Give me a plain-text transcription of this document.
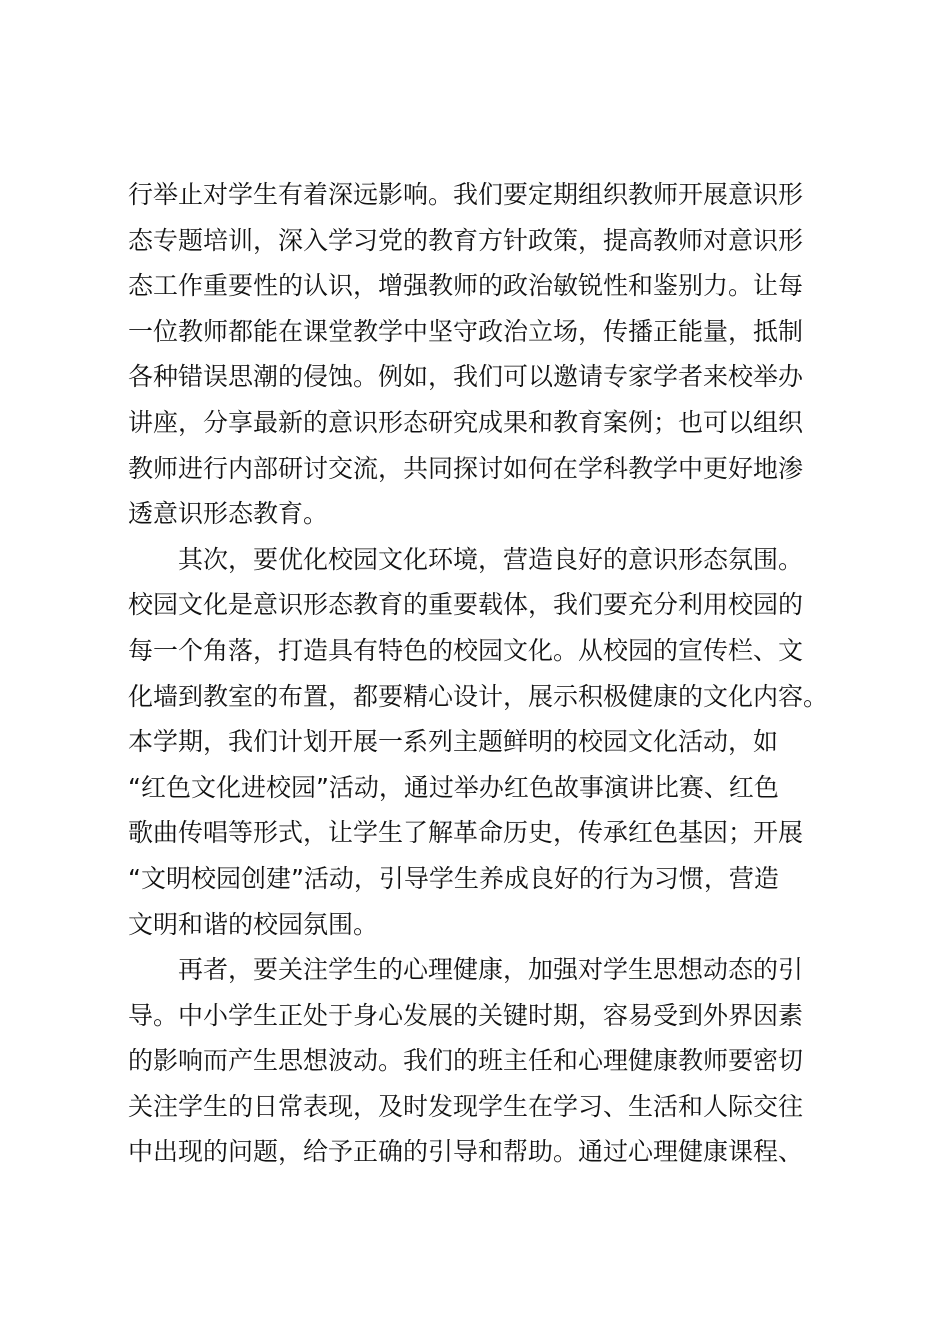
行举止对学生有着深远影响。我们要定期组织教师开展意识形
态专题培训，深入学习党的教育方针政策，提高教师对意识形
态工作重要性的认识，增强教师的政治敏锐性和鉴别力。让每
一位教师都能在课堂教学中坚守政治立场，传播正能量，抵制
各种错误思潮的侵蚀。例如，我们可以邀请专家学者来校举办
讲座，分享最新的意识形态研究成果和教育案例；也可以组织
教师进行内部研讨交流，共同探讨如何在学科教学中更好地渗
透意识形态教育。
其次，要优化校园文化环境，营造良好的意识形态氛围。
校园文化是意识形态教育的重要载体，我们要充分利用校园的
每一个角落，打造具有特色的校园文化。从校园的宣传栏、文
化墙到教室的布置，都要精心设计，展示积极健康的文化内容。
本学期，我们计划开展一系列主题鲜明的校园文化活动，如
“红色文化进校园”活动，通过举办红色故事演讲比赛、红色
歌曲传唱等形式，让学生了解革命历史，传承红色基因；开展
“文明校园创建”活动，引导学生养成良好的行为习惯，营造
文明和谐的校园氛围。
再者，要关注学生的心理健康，加强对学生思想动态的引
导。中小学生正处于身心发展的关键时期，容易受到外界因素
的影响而产生思想波动。我们的班主任和心理健康教师要密切
关注学生的日常表现，及时发现学生在学习、生活和人际交往
中出现的问题，给予正确的引导和帮助。通过心理健康课程、
